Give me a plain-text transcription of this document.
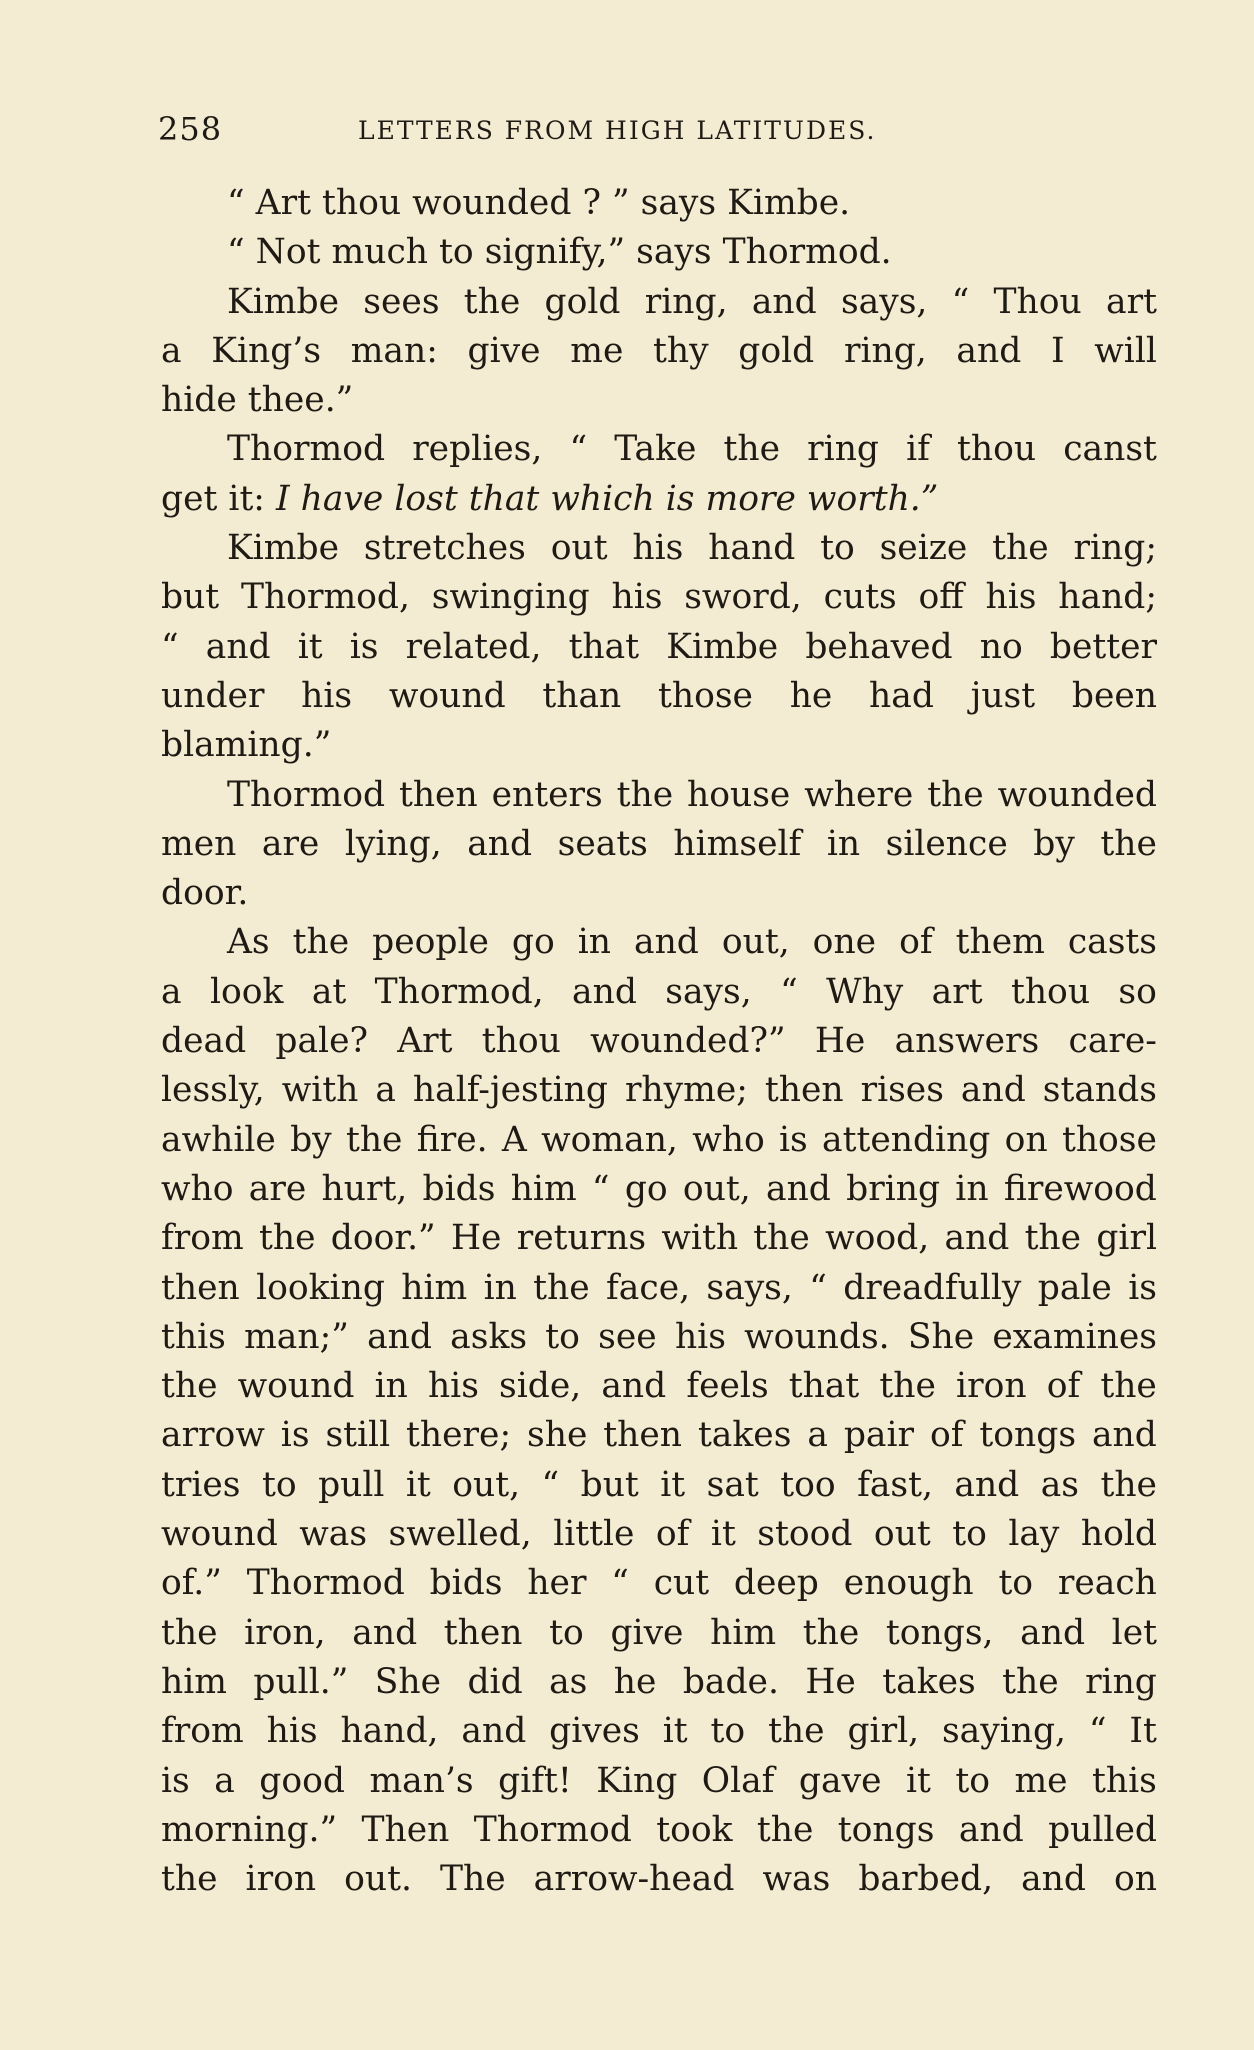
258	LETTERS FROM HIGH LATITUDES.
“ Art thou wounded ? ” says Kimbe.
“ Not much to signify,” says Thormod.
Kimbe sees the gold ring, and says, “ Thou art
a King’s man: give me thy gold ring, and I will
hide thee.”
Thormod replies, “ Take the ring if thou canst
get it: I have lost that which is more worth.”
Kimbe stretches out his hand to seize the ring;
but Thormod, swinging his sword, cuts off his hand;
“ and it is related, that Kimbe behaved no better
under his wound than those he had just been
blaming.”
Thormod then enters the house where the wounded
men are lying, and seats himself in silence by the
door.
As the people go in and out, one of them casts
a look at Thormod, and says, “ Why art thou so
dead pale? Art thou wounded?” He answers care-
lessly, with a half-jesting rhyme; then rises and stands
awhile by the fire. A woman, who is attending on those
who are hurt, bids him “ go out, and bring in firewood
from the door.” He returns with the wood, and the girl
then looking him in the face, says, “ dreadfully pale is
this man;” and asks to see his wounds. She examines
the wound in his side, and feels that the iron of the
arrow is still there; she then takes a pair of tongs and
tries to pull it out, “ but it sat too fast, and as the
wound was swelled, little of it stood out to lay hold
of.” Thormod bids her “ cut deep enough to reach
the iron, and then to give him the tongs, and let
him pull.” She did as he bade. He takes the ring
from his hand, and gives it to the girl, saying, “ It
is a good man’s gift! King Olaf gave it to me this
morning.” Then Thormod took the tongs and pulled
the iron out. The arrow-head was barbed, and on
